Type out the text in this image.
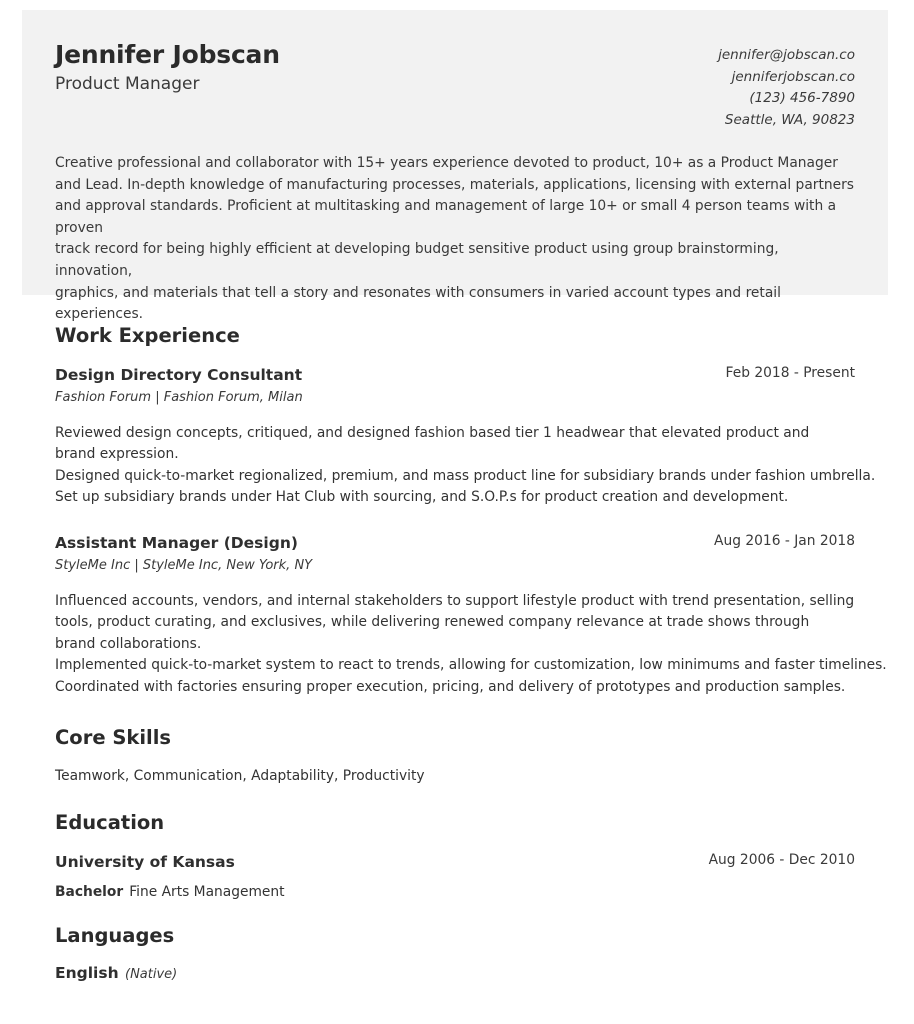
Jennifer Jobscan
Product Manager
jennifer@jobscan.co
jenniferjobscan.co
(123) 456-7890
Seattle, WA, 90823
Creative professional and collaborator with 15+ years experience devoted to product, 10+ as a Product Manager
and Lead. In-depth knowledge of manufacturing processes, materials, applications, licensing with external partners
and approval standards. Proficient at multitasking and management of large 10+ or small 4 person teams with a proven
track record for being highly efficient at developing budget sensitive product using group brainstorming, innovation,
graphics, and materials that tell a story and resonates with consumers in varied account types and retail experiences.
Work Experience
Design Directory Consultant	Feb 2018 - Present
Fashion Forum | Fashion Forum, Milan
Reviewed design concepts, critiqued, and designed fashion based tier 1 headwear that elevated product and
brand expression.
Designed quick-to-market regionalized, premium, and mass product line for subsidiary brands under fashion umbrella.
Set up subsidiary brands under Hat Club with sourcing, and S.O.P.s for product creation and development.
Assistant Manager (Design)	Aug 2016 - Jan 2018
StyleMe Inc | StyleMe Inc, New York, NY
Influenced accounts, vendors, and internal stakeholders to support lifestyle product with trend presentation, selling
tools, product curating, and exclusives, while delivering renewed company relevance at trade shows through
brand collaborations.
Implemented quick-to-market system to react to trends, allowing for customization, low minimums and faster timelines.
Coordinated with factories ensuring proper execution, pricing, and delivery of prototypes and production samples.
Core Skills
Teamwork, Communication, Adaptability, Productivity
Education
University of Kansas	Aug 2006 - Dec 2010
Bachelor Fine Arts Management
Languages
English (Native)
